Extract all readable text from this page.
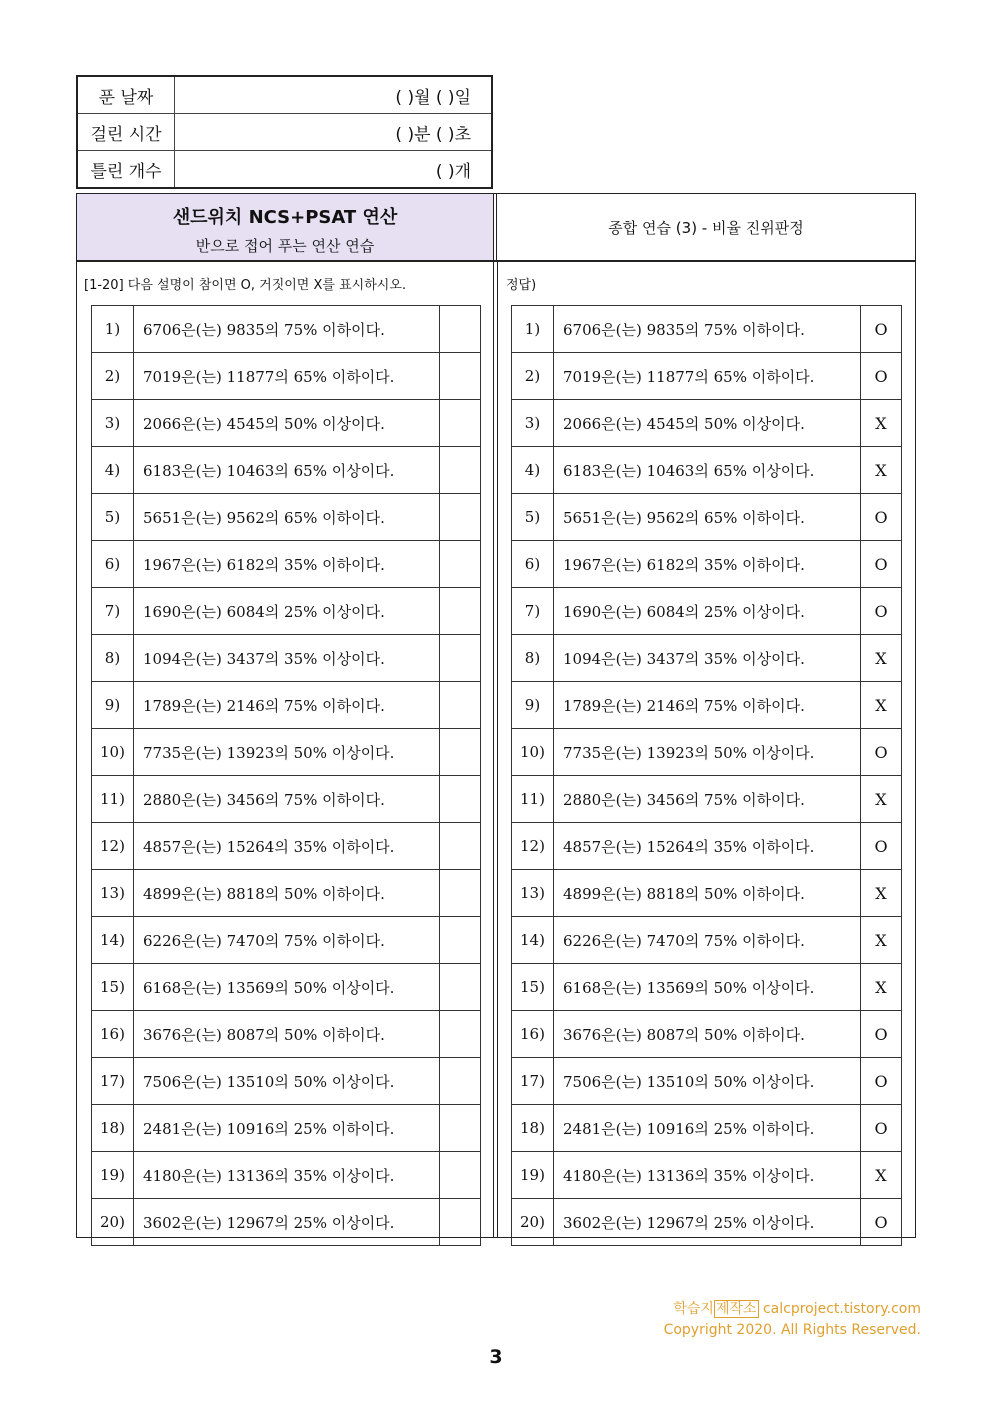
푼 날짜	( )월 ( )일
걸린 시간	( )분 ( )초
틀린 개수	( )개
샌드위치 NCS+PSAT 연산
반으로 접어 푸는 연산 연습
종합 연습 (3) - 비율 진위판정
[1-20] 다음 설명이 참이면 O, 거짓이면 X를 표시하시오.	정답)
1)	6706은(는) 9835의 75% 이하이다.	
2)	7019은(는) 11877의 65% 이하이다.	
3)	2066은(는) 4545의 50% 이상이다.	
4)	6183은(는) 10463의 65% 이상이다.	
5)	5651은(는) 9562의 65% 이하이다.	
6)	1967은(는) 6182의 35% 이하이다.	
7)	1690은(는) 6084의 25% 이상이다.	
8)	1094은(는) 3437의 35% 이상이다.	
9)	1789은(는) 2146의 75% 이하이다.	
10)	7735은(는) 13923의 50% 이상이다.	
11)	2880은(는) 3456의 75% 이하이다.	
12)	4857은(는) 15264의 35% 이하이다.	
13)	4899은(는) 8818의 50% 이하이다.	
14)	6226은(는) 7470의 75% 이하이다.	
15)	6168은(는) 13569의 50% 이상이다.	
16)	3676은(는) 8087의 50% 이하이다.	
17)	7506은(는) 13510의 50% 이상이다.	
18)	2481은(는) 10916의 25% 이하이다.	
19)	4180은(는) 13136의 35% 이상이다.	
20)	3602은(는) 12967의 25% 이상이다.	
1)	6706은(는) 9835의 75% 이하이다.	O
2)	7019은(는) 11877의 65% 이하이다.	O
3)	2066은(는) 4545의 50% 이상이다.	X
4)	6183은(는) 10463의 65% 이상이다.	X
5)	5651은(는) 9562의 65% 이하이다.	O
6)	1967은(는) 6182의 35% 이하이다.	O
7)	1690은(는) 6084의 25% 이상이다.	O
8)	1094은(는) 3437의 35% 이상이다.	X
9)	1789은(는) 2146의 75% 이하이다.	X
10)	7735은(는) 13923의 50% 이상이다.	O
11)	2880은(는) 3456의 75% 이하이다.	X
12)	4857은(는) 15264의 35% 이하이다.	O
13)	4899은(는) 8818의 50% 이하이다.	X
14)	6226은(는) 7470의 75% 이하이다.	X
15)	6168은(는) 13569의 50% 이상이다.	X
16)	3676은(는) 8087의 50% 이하이다.	O
17)	7506은(는) 13510의 50% 이상이다.	O
18)	2481은(는) 10916의 25% 이하이다.	O
19)	4180은(는) 13136의 35% 이상이다.	X
20)	3602은(는) 12967의 25% 이상이다.	O
학습지 제작소 calcproject.tistory.com
Copyright 2020. All Rights Reserved.
3
